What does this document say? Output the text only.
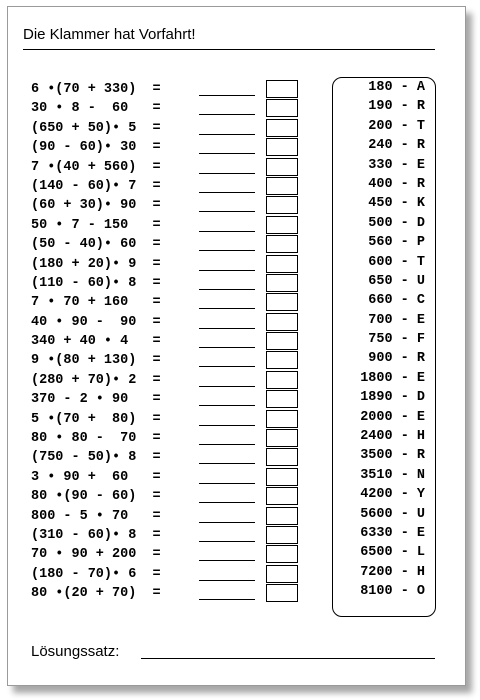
Die Klammer hat Vorfahrt!
6 •(70 + 330)  =
30 • 8 -  60   =
(650 + 50)• 5  =
(90 - 60)• 30  =
7 •(40 + 560)  =
(140 - 60)• 7  =
(60 + 30)• 90  =
50 • 7 - 150   =
(50 - 40)• 60  =
(180 + 20)• 9  =
(110 - 60)• 8  =
7 • 70 + 160   =
40 • 90 -  90  =
340 + 40 • 4   =
9 •(80 + 130)  =
(280 + 70)• 2  =
370 - 2 • 90   =
5 •(70 +  80)  =
80 • 80 -  70  =
(750 - 50)• 8  =
3 • 90 +  60   =
80 •(90 - 60)  =
800 - 5 • 70   =
(310 - 60)• 8  =
70 • 90 + 200  =
(180 - 70)• 6  =
80 •(20 + 70)  =
180 - A
190 - R
200 - T
240 - R
330 - E
400 - R
450 - K
500 - D
560 - P
600 - T
650 - U
660 - C
700 - E
750 - F
900 - R
1800 - E
1890 - D
2000 - E
2400 - H
3500 - R
3510 - N
4200 - Y
5600 - U
6330 - E
6500 - L
7200 - H
8100 - O
Lösungssatz:
